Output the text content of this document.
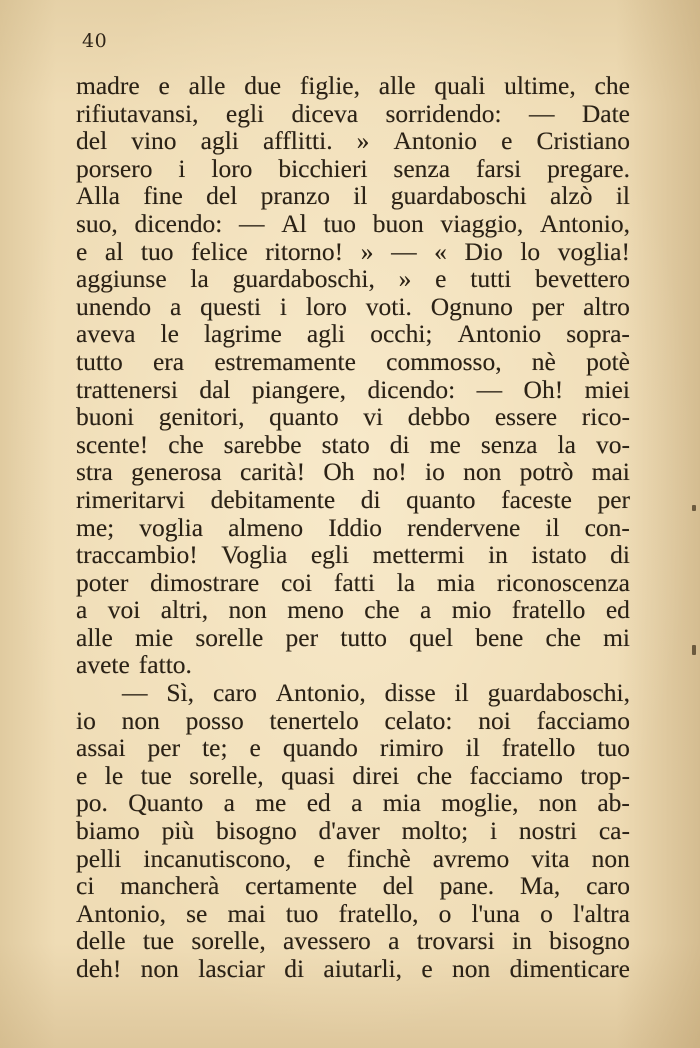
40
madre e alle due figlie, alle quali ultime, che
rifiutavansi, egli diceva sorridendo: — Date
del vino agli afflitti. » Antonio e Cristiano
porsero i loro bicchieri senza farsi pregare.
Alla fine del pranzo il guardaboschi alzò il
suo, dicendo: — Al tuo buon viaggio, Antonio,
e al tuo felice ritorno! » — « Dio lo voglia!
aggiunse la guardaboschi, » e tutti bevettero
unendo a questi i loro voti. Ognuno per altro
aveva le lagrime agli occhi; Antonio sopra-
tutto era estremamente commosso, nè potè
trattenersi dal piangere, dicendo: — Oh! miei
buoni genitori, quanto vi debbo essere rico-
scente! che sarebbe stato di me senza la vo-
stra generosa carità! Oh no! io non potrò mai
rimeritarvi debitamente di quanto faceste per
me; voglia almeno Iddio rendervene il con-
traccambio! Voglia egli mettermi in istato di
poter dimostrare coi fatti la mia riconoscenza
a voi altri, non meno che a mio fratello ed
alle mie sorelle per tutto quel bene che mi
avete fatto.
— Sì, caro Antonio, disse il guardaboschi,
io non posso tenertelo celato: noi facciamo
assai per te; e quando rimiro il fratello tuo
e le tue sorelle, quasi direi che facciamo trop-
po. Quanto a me ed a mia moglie, non ab-
biamo più bisogno d'aver molto; i nostri ca-
pelli incanutiscono, e finchè avremo vita non
ci mancherà certamente del pane. Ma, caro
Antonio, se mai tuo fratello, o l'una o l'altra
delle tue sorelle, avessero a trovarsi in bisogno
deh! non lasciar di aiutarli, e non dimenticare
